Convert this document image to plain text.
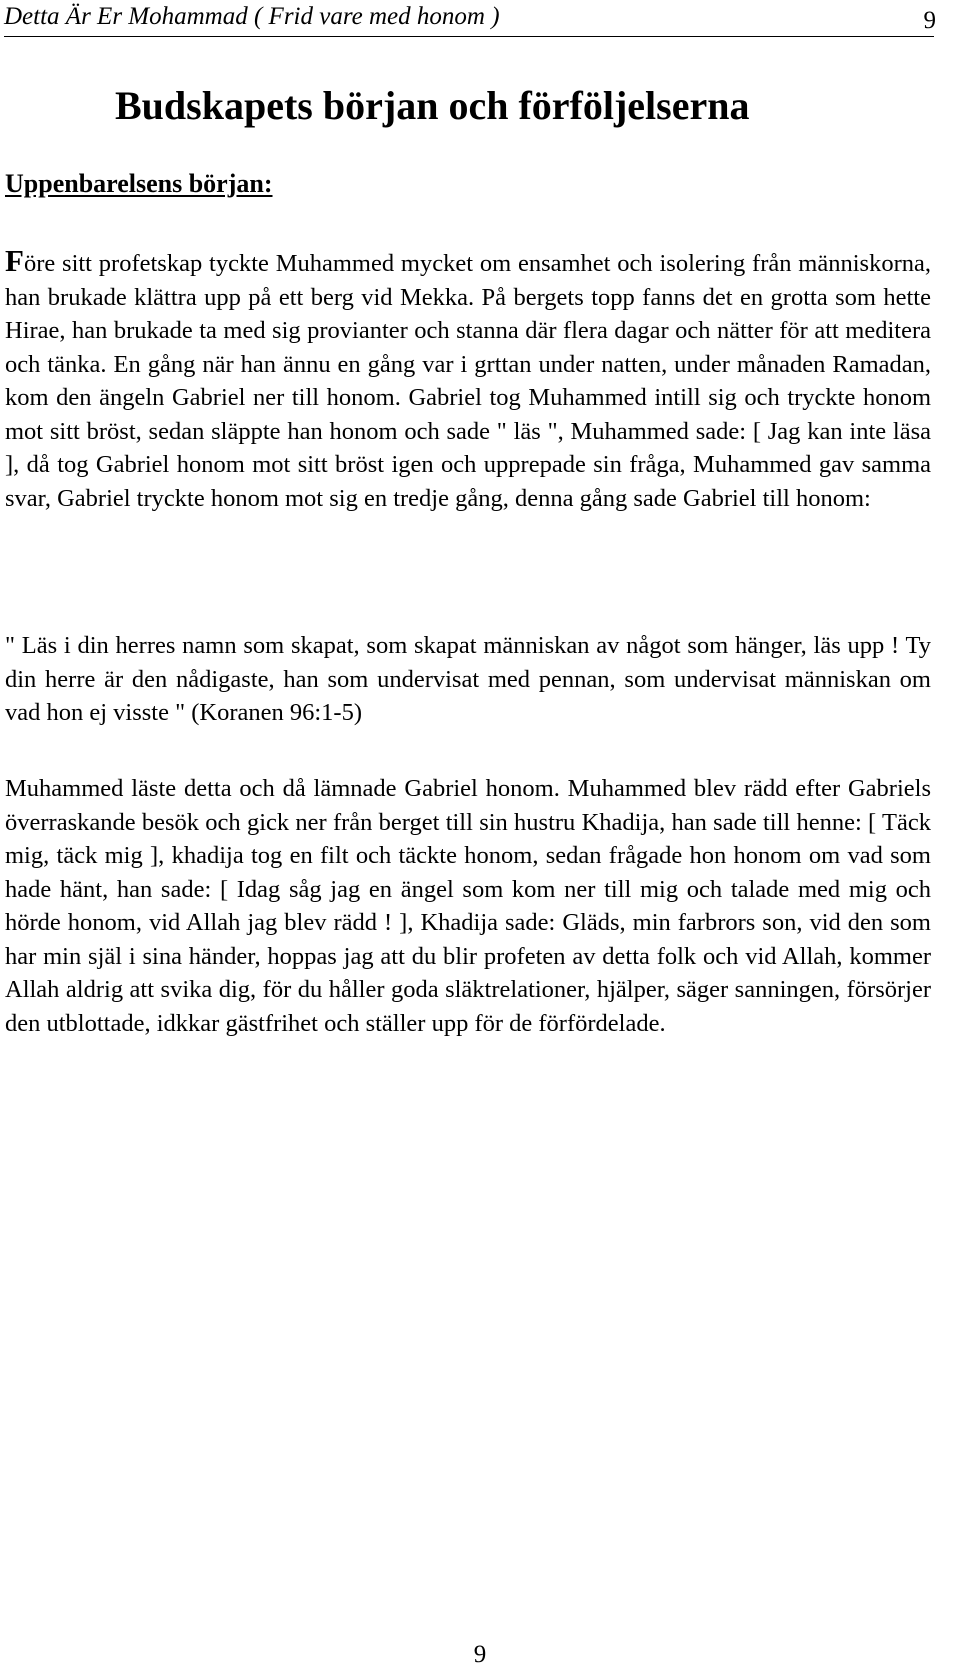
Detta Är Er Mohammad ( Frid vare med honom )	9
Budskapets början och förföljelserna
Uppenbarelsens början:

Före sitt profetskap tyckte Muhammed mycket om ensamhet och isolering från människorna, han brukade klättra upp på ett berg vid Mekka. På bergets topp fanns det en grotta som hette Hirae, han brukade ta med sig provianter och stanna där flera dagar och nätter för att meditera och tänka. En gång när han ännu en gång var i grttan under natten, under månaden Ramadan, kom den ängeln Gabriel ner till honom. Gabriel tog Muhammed intill sig och tryckte honom mot sitt bröst, sedan släppte han honom och sade " läs ", Muhammed sade: [ Jag kan inte läsa ], då tog Gabriel honom mot sitt bröst igen och upprepade sin fråga, Muhammed gav samma svar, Gabriel tryckte honom mot sig en tredje gång, denna gång sade Gabriel till honom:

" Läs i din herres namn som skapat, som skapat människan av något som hänger, läs upp ! Ty din herre är den nådigaste, han som undervisat med pennan, som undervisat människan om vad hon ej visste " (Koranen 96:1-5)

Muhammed läste detta och då lämnade Gabriel honom. Muhammed blev rädd efter Gabriels överraskande besök och gick ner från berget till sin hustru Khadija, han sade till henne: [ Täck mig, täck mig ], khadija tog en filt och täckte honom, sedan frågade hon honom om vad som hade hänt, han sade: [ Idag såg jag en ängel som kom ner till mig och talade med mig och hörde honom, vid Allah jag blev rädd ! ], Khadija sade: Gläds, min farbrors son, vid den som har min själ i sina händer, hoppas jag att du blir profeten av detta folk och vid Allah, kommer Allah aldrig att svika dig, för du håller goda släktrelationer, hjälper, säger sanningen, försörjer den utblottade, idkkar gästfrihet och ställer upp för de förfördelade.

9
